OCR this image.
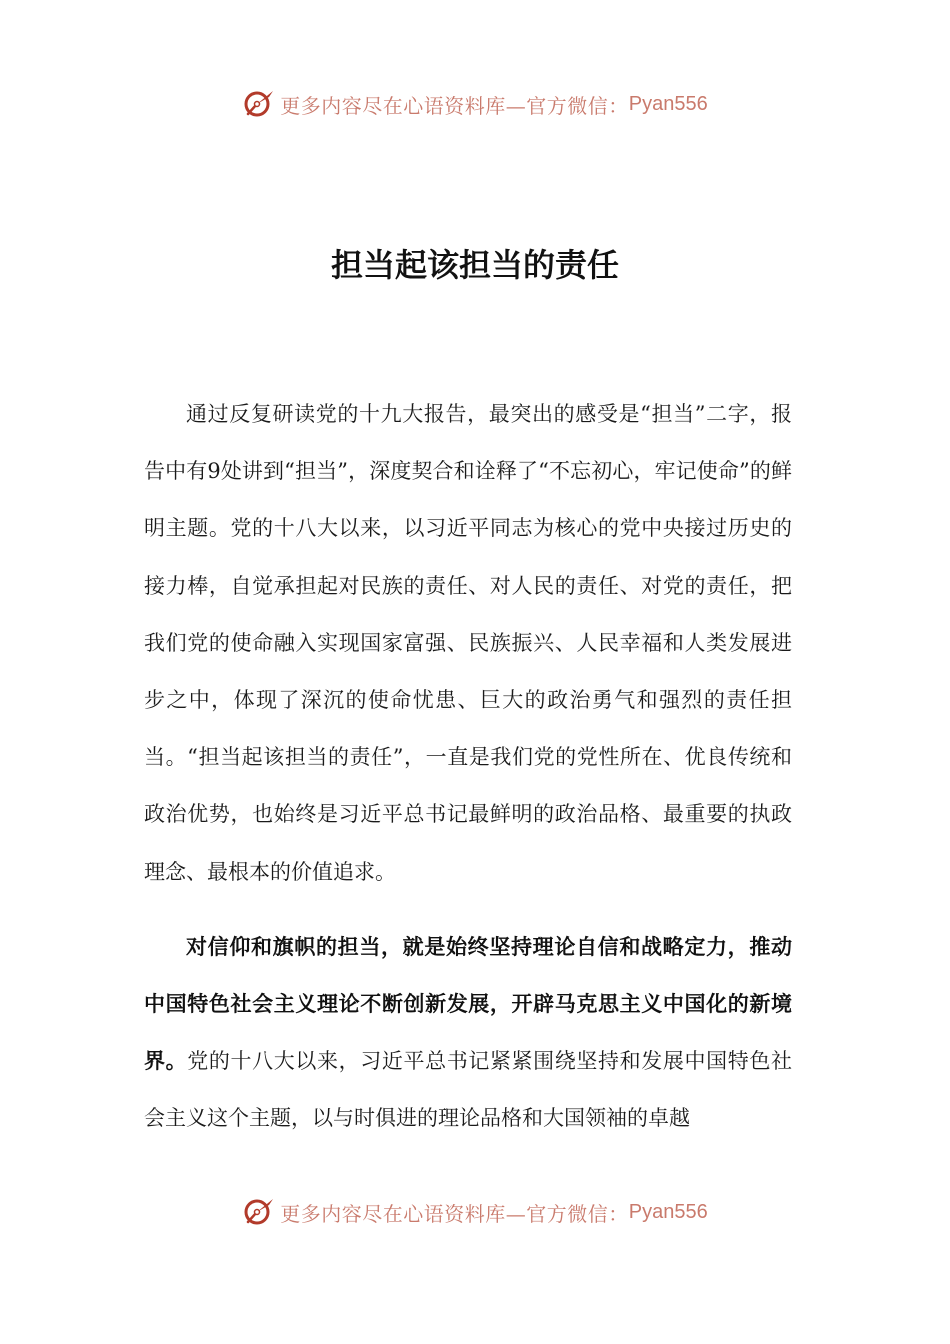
更多内容尽在心语资料库—官方微信： Pyan556
担当起该担当的责任

通过反复研读党的十九大报告，最突出的感受是“担当”二字，报告中有9处讲到“担当”，深度契合和诠释了“不忘初心，牢记使命”的鲜明主题。党的十八大以来，以习近平同志为核心的党中央接过历史的接力棒，自觉承担起对民族的责任、对人民的责任、对党的责任，把我们党的使命融入实现国家富强、民族振兴、人民幸福和人类发展进步之中，体现了深沉的使命忧患、巨大的政治勇气和强烈的责任担当。“担当起该担当的责任”，一直是我们党的党性所在、优良传统和政治优势，也始终是习近平总书记最鲜明的政治品格、最重要的执政理念、最根本的价值追求。

对信仰和旗帜的担当，就是始终坚持理论自信和战略定力，推动中国特色社会主义理论不断创新发展，开辟马克思主义中国化的新境界。党的十八大以来，习近平总书记紧紧围绕坚持和发展中国特色社会主义这个主题，以与时俱进的理论品格和大国领袖的卓越

更多内容尽在心语资料库—官方微信： Pyan556
